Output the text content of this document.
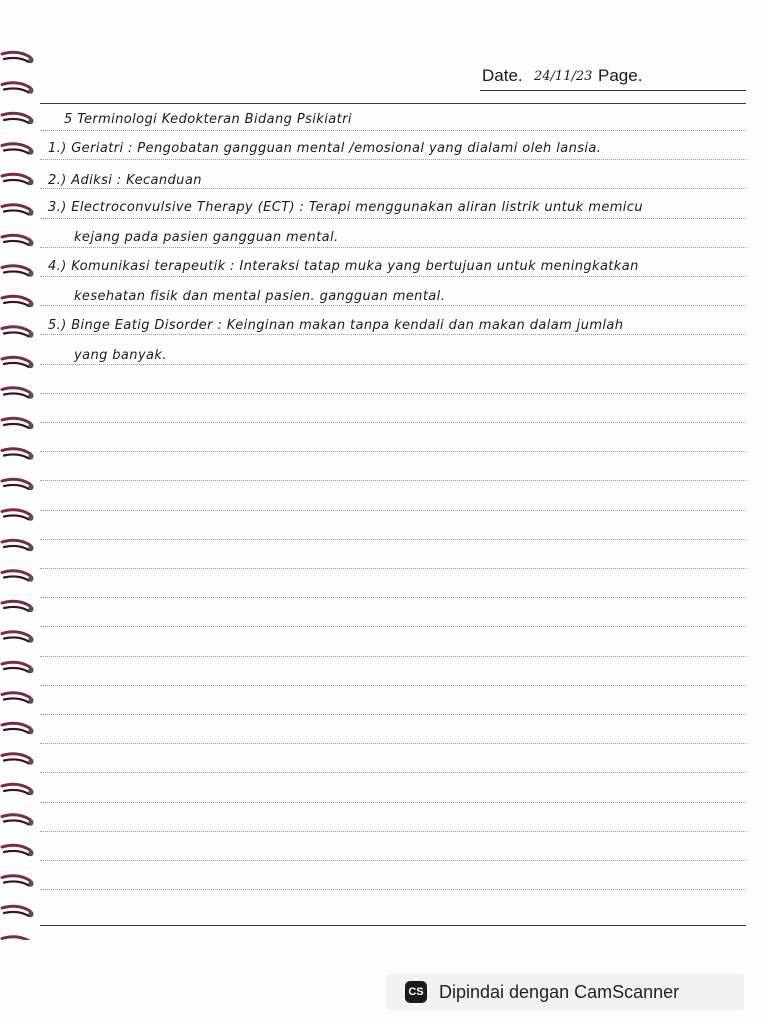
Date. 24/11/23 Page.
5 Terminologi Kedokteran Bidang Psikiatri
1.) Geriatri : Pengobatan gangguan mental /emosional yang dialami oleh lansia.
2.) Adiksi : Kecanduan
3.) Electroconvulsive Therapy (ECT) : Terapi menggunakan aliran listrik untuk memicu
kejang pada pasien gangguan mental.
4.) Komunikasi terapeutik : Interaksi tatap muka yang bertujuan untuk meningkatkan
kesehatan fisik dan mental pasien. gangguan mental.
5.) Binge Eatig Disorder : Keinginan makan tanpa kendali dan makan dalam jumlah
yang banyak.
CS Dipindai dengan CamScanner
